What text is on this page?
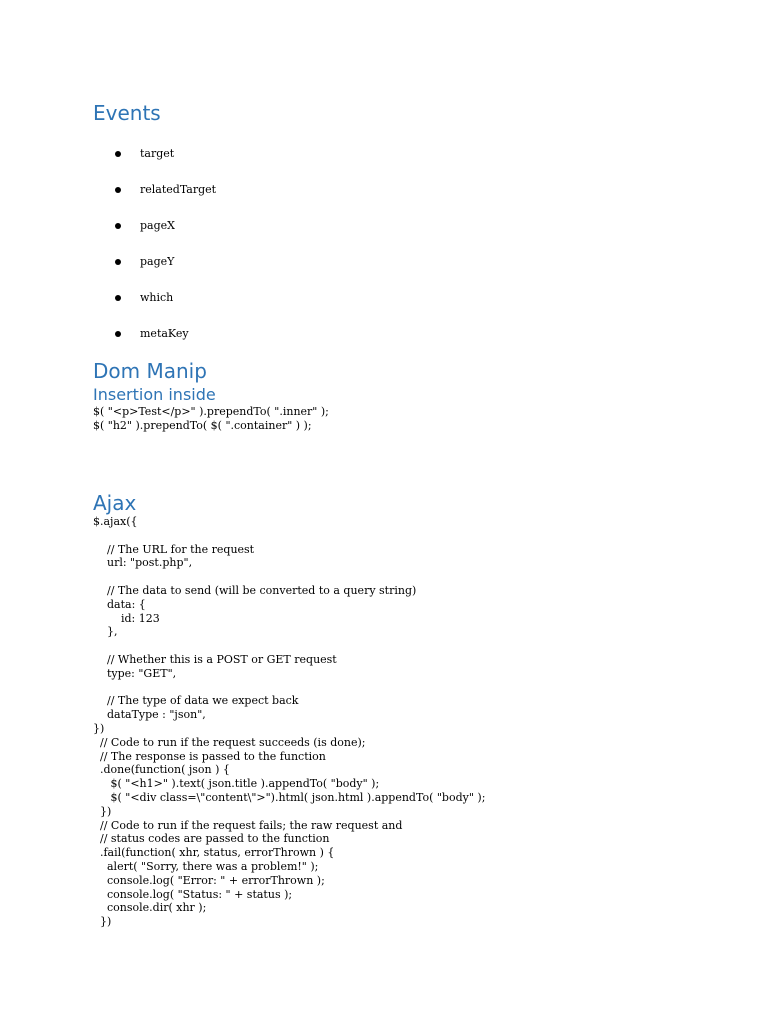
Events
target
relatedTarget
pageX
pageY
which
metaKey
Dom Manip
Insertion inside
$( "<p>Test</p>" ).prependTo( ".inner" );
$( "h2" ).prependTo( $( ".container" ) );
Ajax
$.ajax({

// The URL for the request
url: "post.php",

// The data to send (will be converted to a query string)
data: {
id: 123
},

// Whether this is a POST or GET request
type: "GET",

// The type of data we expect back
dataType : "json",
})
// Code to run if the request succeeds (is done);
// The response is passed to the function
.done(function( json ) {
$( "<h1>" ).text( json.title ).appendTo( "body" );
$( "<div class=\"content\">").html( json.html ).appendTo( "body" );
})
// Code to run if the request fails; the raw request and
// status codes are passed to the function
.fail(function( xhr, status, errorThrown ) {
alert( "Sorry, there was a problem!" );
console.log( "Error: " + errorThrown );
console.log( "Status: " + status );
console.dir( xhr );
})
